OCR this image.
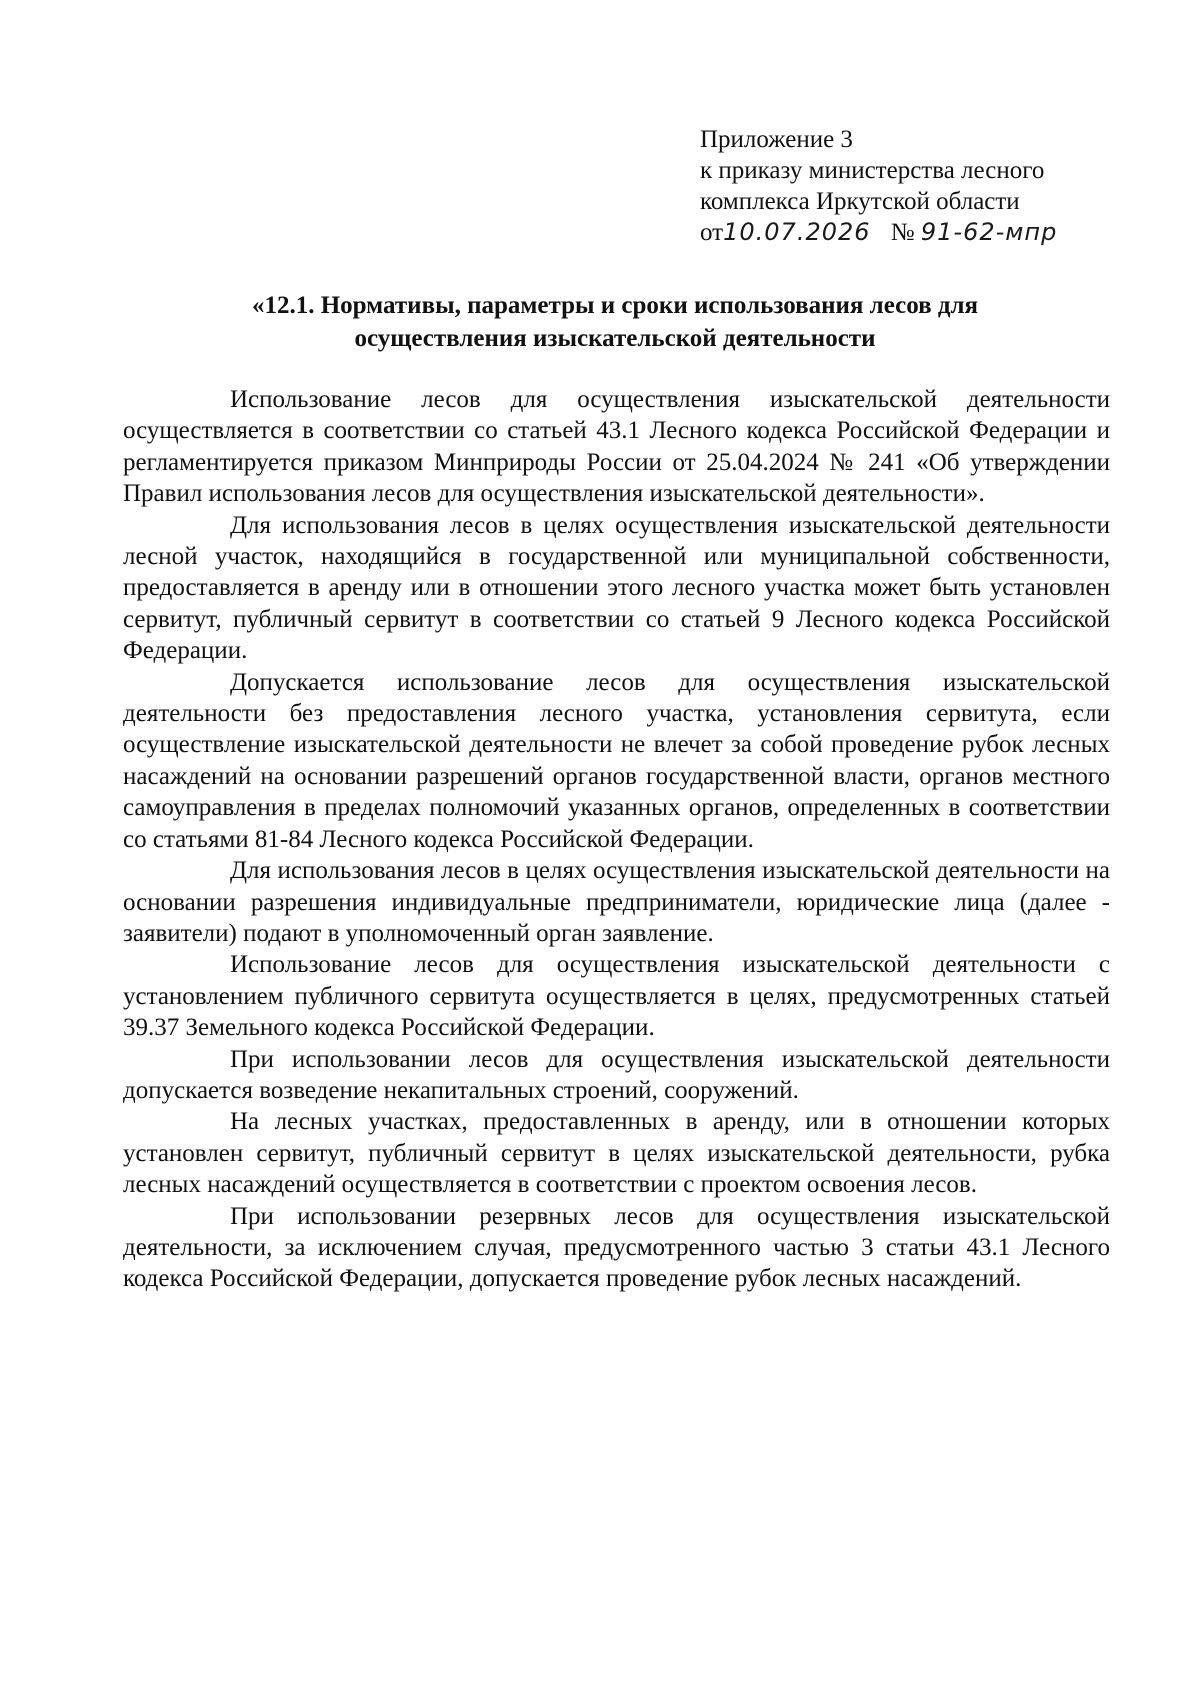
Приложение 3
к приказу министерства лесного
комплекса Иркутской области
от10.07.2026 № 91-62-мпр
«12.1. Нормативы, параметры и сроки использования лесов для
осуществления изыскательской деятельности

Использование лесов для осуществления изыскательской деятельности осуществляется в соответствии со статьей 43.1 Лесного кодекса Российской Федерации и регламентируется приказом Минприроды России от 25.04.2024 № 241 «Об утверждении Правил использования лесов для осуществления изыскательской деятельности».

Для использования лесов в целях осуществления изыскательской деятельности лесной участок, находящийся в государственной или муниципальной собственности, предоставляется в аренду или в отношении этого лесного участка может быть установлен сервитут, публичный сервитут в соответствии со статьей 9 Лесного кодекса Российской Федерации.

Допускается использование лесов для осуществления изыскательской деятельности без предоставления лесного участка, установления сервитута, если осуществление изыскательской деятельности не влечет за собой проведение рубок лесных насаждений на основании разрешений органов государственной власти, органов местного самоуправления в пределах полномочий указанных органов, определенных в соответствии со статьями 81-84 Лесного кодекса Российской Федерации.

Для использования лесов в целях осуществления изыскательской деятельности на основании разрешения индивидуальные предприниматели, юридические лица (далее - заявители) подают в уполномоченный орган заявление.

Использование лесов для осуществления изыскательской деятельности с установлением публичного сервитута осуществляется в целях, предусмотренных статьей 39.37 Земельного кодекса Российской Федерации.

При использовании лесов для осуществления изыскательской деятельности допускается возведение некапитальных строений, сооружений.

На лесных участках, предоставленных в аренду, или в отношении которых установлен сервитут, публичный сервитут в целях изыскательской деятельности, рубка лесных насаждений осуществляется в соответствии с проектом освоения лесов.

При использовании резервных лесов для осуществления изыскательской деятельности, за исключением случая, предусмотренного частью 3 статьи 43.1 Лесного кодекса Российской Федерации, допускается проведение рубок лесных насаждений.
